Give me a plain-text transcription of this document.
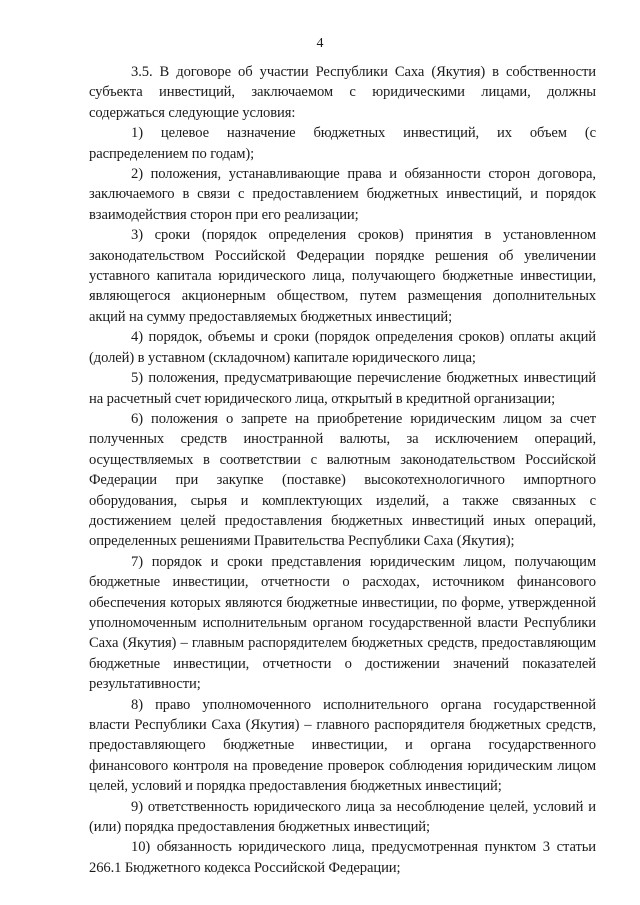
4

3.5. В договоре об участии Республики Саха (Якутия) в собственности субъекта инвестиций, заключаемом с юридическими лицами, должны содержаться следующие условия:

1) целевое назначение бюджетных инвестиций, их объем (с распределением по годам);

2) положения, устанавливающие права и обязанности сторон договора, заключаемого в связи с предоставлением бюджетных инвестиций, и порядок взаимодействия сторон при его реализации;

3) сроки (порядок определения сроков) принятия в установленном законодательством Российской Федерации порядке решения об увеличении уставного капитала юридического лица, получающего бюджетные инвестиции, являющегося акционерным обществом, путем размещения дополнительных акций на сумму предоставляемых бюджетных инвестиций;

4) порядок, объемы и сроки (порядок определения сроков) оплаты акций (долей) в уставном (складочном) капитале юридического лица;

5) положения, предусматривающие перечисление бюджетных инвестиций на расчетный счет юридического лица, открытый в кредитной организации;

6) положения о запрете на приобретение юридическим лицом за счет полученных средств иностранной валюты, за исключением операций, осуществляемых в соответствии с валютным законодательством Российской Федерации при закупке (поставке) высокотехнологичного импортного оборудования, сырья и комплектующих изделий, а также связанных с достижением целей предоставления бюджетных инвестиций иных операций, определенных решениями Правительства Республики Саха (Якутия);

7) порядок и сроки представления юридическим лицом, получающим бюджетные инвестиции, отчетности о расходах, источником финансового обеспечения которых являются бюджетные инвестиции, по форме, утвержденной уполномоченным исполнительным органом государственной власти Республики Саха (Якутия) – главным распорядителем бюджетных средств, предоставляющим бюджетные инвестиции, отчетности о достижении значений показателей результативности;

8) право уполномоченного исполнительного органа государственной власти Республики Саха (Якутия) – главного распорядителя бюджетных средств, предоставляющего бюджетные инвестиции, и органа государственного финансового контроля на проведение проверок соблюдения юридическим лицом целей, условий и порядка предоставления бюджетных инвестиций;

9) ответственность юридического лица за несоблюдение целей, условий и (или) порядка предоставления бюджетных инвестиций;

10) обязанность юридического лица, предусмотренная пунктом 3 статьи 266.1 Бюджетного кодекса Российской Федерации;
